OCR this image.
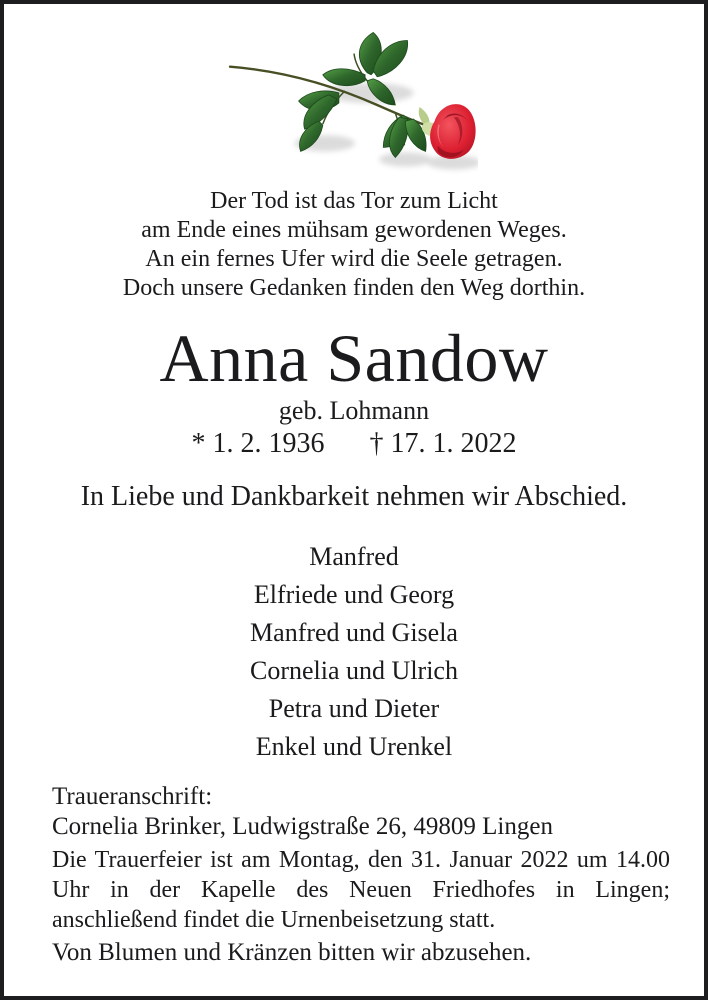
Der Tod ist das Tor zum Licht
am Ende eines mühsam gewordenen Weges.
An ein fernes Ufer wird die Seele getragen.
Doch unsere Gedanken finden den Weg dorthin.
Anna Sandow
geb. Lohmann
* 1. 2. 1936 † 17. 1. 2022
In Liebe und Dankbarkeit nehmen wir Abschied.
Manfred
Elfriede und Georg
Manfred und Gisela
Cornelia und Ulrich
Petra und Dieter
Enkel und Urenkel
Traueranschrift:
Cornelia Brinker, Ludwigstraße 26, 49809 Lingen
Die Trauerfeier ist am Montag, den 31. Januar 2022 um 14.00 Uhr in der Kapelle des Neuen Friedhofes in Lingen; anschließend findet die Urnenbeisetzung statt.
Von Blumen und Kränzen bitten wir abzusehen.
